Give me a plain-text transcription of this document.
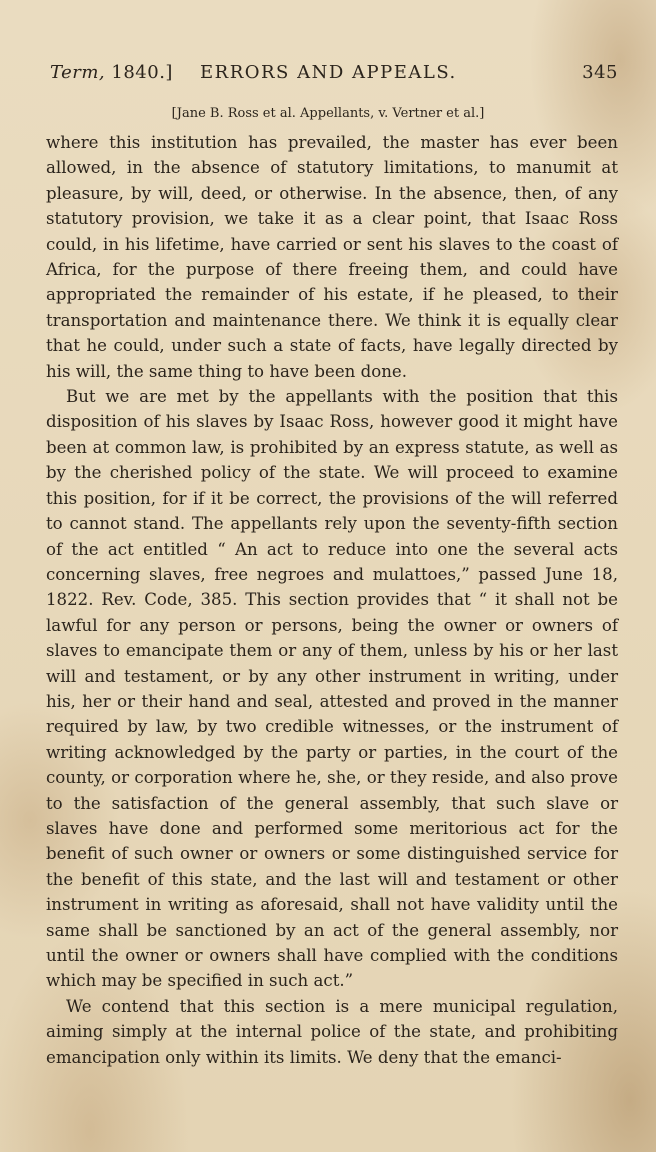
Term, 1840.] ERRORS AND APPEALS.	345
[Jane B. Ross et al. Appellants, v. Vertner et al.]

where this institution has prevailed, the master has ever been allowed, in the absence of statutory limitations, to manumit at pleasure, by will, deed, or otherwise. In the absence, then, of any statutory provision, we take it as a clear point, that Isaac Ross could, in his lifetime, have carried or sent his slaves to the coast of Africa, for the purpose of there freeing them, and could have appropriated the remainder of his estate, if he pleased, to their transportation and maintenance there. We think it is equally clear that he could, under such a state of facts, have legally directed by his will, the same thing to have been done.

But we are met by the appellants with the position that this disposition of his slaves by Isaac Ross, however good it might have been at common law, is prohibited by an express statute, as well as by the cherished policy of the state. We will proceed to examine this position, for if it be correct, the provisions of the will referred to cannot stand. The appellants rely upon the seventy-fifth section of the act entitled “ An act to reduce into one the several acts concerning slaves, free negroes and mulattoes,” passed June 18, 1822. Rev. Code, 385. This section provides that “ it shall not be lawful for any person or persons, being the owner or owners of slaves to emancipate them or any of them, unless by his or her last will and testament, or by any other instrument in writing, under his, her or their hand and seal, attested and proved in the manner required by law, by two credible witnesses, or the instrument of writing acknowledged by the party or parties, in the court of the county, or corporation where he, she, or they reside, and also prove to the satisfaction of the general assembly, that such slave or slaves have done and performed some meritorious act for the benefit of such owner or owners or some distinguished service for the benefit of this state, and the last will and testament or other instrument in writing as aforesaid, shall not have validity until the same shall be sanctioned by an act of the general assembly, nor until the owner or owners shall have complied with the conditions which may be specified in such act.”

We contend that this section is a mere municipal regulation, aiming simply at the internal police of the state, and prohibiting emancipation only within its limits. We deny that the emanci-
